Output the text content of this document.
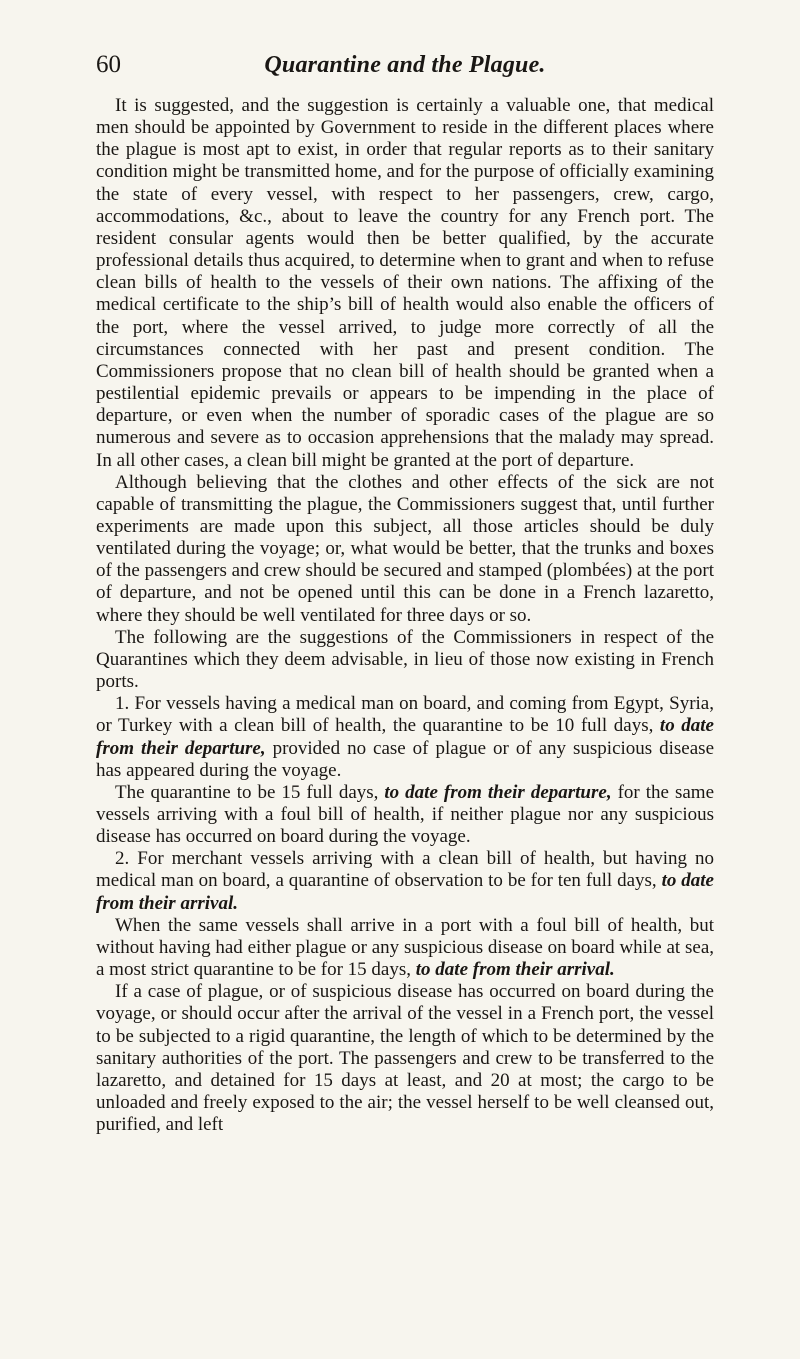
60	Quarantine and the Plague.

It is suggested, and the suggestion is certainly a valuable one, that medical men should be appointed by Government to reside in the different places where the plague is most apt to exist, in order that regular reports as to their sanitary condition might be transmitted home, and for the purpose of officially examining the state of every vessel, with respect to her passengers, crew, cargo, accommodations, &c., about to leave the country for any French port. The resident consular agents would then be better qualified, by the accurate professional details thus acquired, to determine when to grant and when to refuse clean bills of health to the vessels of their own nations. The affixing of the medical certificate to the ship’s bill of health would also enable the officers of the port, where the vessel arrived, to judge more correctly of all the circumstances connected with her past and present condition. The Commissioners propose that no clean bill of health should be granted when a pestilential epidemic prevails or appears to be impending in the place of departure, or even when the number of sporadic cases of the plague are so numerous and severe as to occasion apprehensions that the malady may spread. In all other cases, a clean bill might be granted at the port of departure.

Although believing that the clothes and other effects of the sick are not capable of transmitting the plague, the Commissioners suggest that, until further experiments are made upon this subject, all those articles should be duly ventilated during the voyage; or, what would be better, that the trunks and boxes of the passengers and crew should be secured and stamped (plombées) at the port of departure, and not be opened until this can be done in a French lazaretto, where they should be well ventilated for three days or so.

The following are the suggestions of the Commissioners in respect of the Quarantines which they deem advisable, in lieu of those now existing in French ports.

1. For vessels having a medical man on board, and coming from Egypt, Syria, or Turkey with a clean bill of health, the quarantine to be 10 full days, to date from their departure, provided no case of plague or of any suspicious disease has appeared during the voyage.

The quarantine to be 15 full days, to date from their departure, for the same vessels arriving with a foul bill of health, if neither plague nor any suspicious disease has occurred on board during the voyage.

2. For merchant vessels arriving with a clean bill of health, but having no medical man on board, a quarantine of observation to be for ten full days, to date from their arrival.

When the same vessels shall arrive in a port with a foul bill of health, but without having had either plague or any suspicious disease on board while at sea, a most strict quarantine to be for 15 days, to date from their arrival.

If a case of plague, or of suspicious disease has occurred on board during the voyage, or should occur after the arrival of the vessel in a French port, the vessel to be subjected to a rigid quarantine, the length of which to be determined by the sanitary authorities of the port. The passengers and crew to be transferred to the lazaretto, and detained for 15 days at least, and 20 at most; the cargo to be unloaded and freely exposed to the air; the vessel herself to be well cleansed out, purified, and left
